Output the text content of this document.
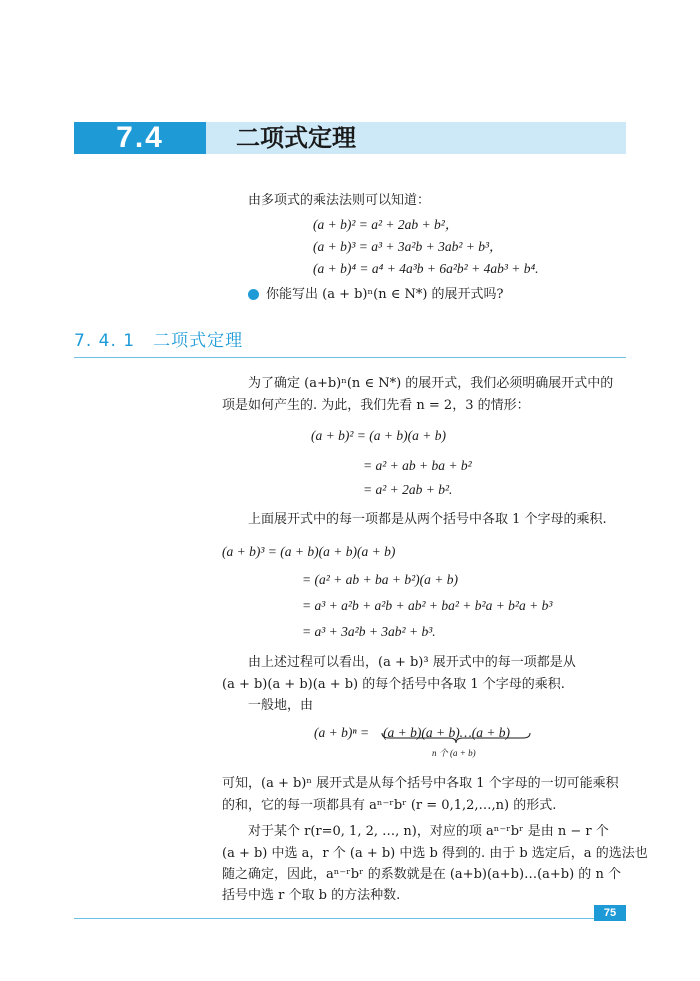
7.4	二项式定理
由多项式的乘法法则可以知道：
(a + b)² = a² + 2ab + b²，
(a + b)³ = a³ + 3a²b + 3ab² + b³，
(a + b)⁴ = a⁴ + 4a³b + 6a²b² + 4ab³ + b⁴.
你能写出 (a + b)ⁿ(n ∈ N*) 的展开式吗?
7. 4. 1　二项式定理
为了确定 (a+b)ⁿ(n ∈ N*) 的展开式，我们必须明确展开式中的
项是如何产生的. 为此，我们先看 n = 2，3 的情形：
(a + b)² = (a + b)(a + b)
= a² + ab + ba + b²
= a² + 2ab + b².
上面展开式中的每一项都是从两个括号中各取 1 个字母的乘积.
(a + b)³ = (a + b)(a + b)(a + b)
= (a² + ab + ba + b²)(a + b)
= a³ + a²b + a²b + ab² + ba² + b²a + b²a + b³
= a³ + 3a²b + 3ab² + b³.
由上述过程可以看出，(a + b)³ 展开式中的每一项都是从
(a + b)(a + b)(a + b) 的每个括号中各取 1 个字母的乘积.
一般地，由
(a + b)ⁿ = (a + b)(a + b)…(a + b)
n 个 (a + b)
可知，(a + b)ⁿ 展开式是从每个括号中各取 1 个字母的一切可能乘积
的和，它的每一项都具有 aⁿ⁻ʳbʳ (r = 0,1,2,…,n) 的形式.
对于某个 r(r=0, 1, 2, …, n)，对应的项 aⁿ⁻ʳbʳ 是由 n − r 个
(a + b) 中选 a，r 个 (a + b) 中选 b 得到的. 由于 b 选定后，a 的选法也
随之确定，因此，aⁿ⁻ʳbʳ 的系数就是在 (a+b)(a+b)…(a+b) 的 n 个
括号中选 r 个取 b 的方法种数.
75
